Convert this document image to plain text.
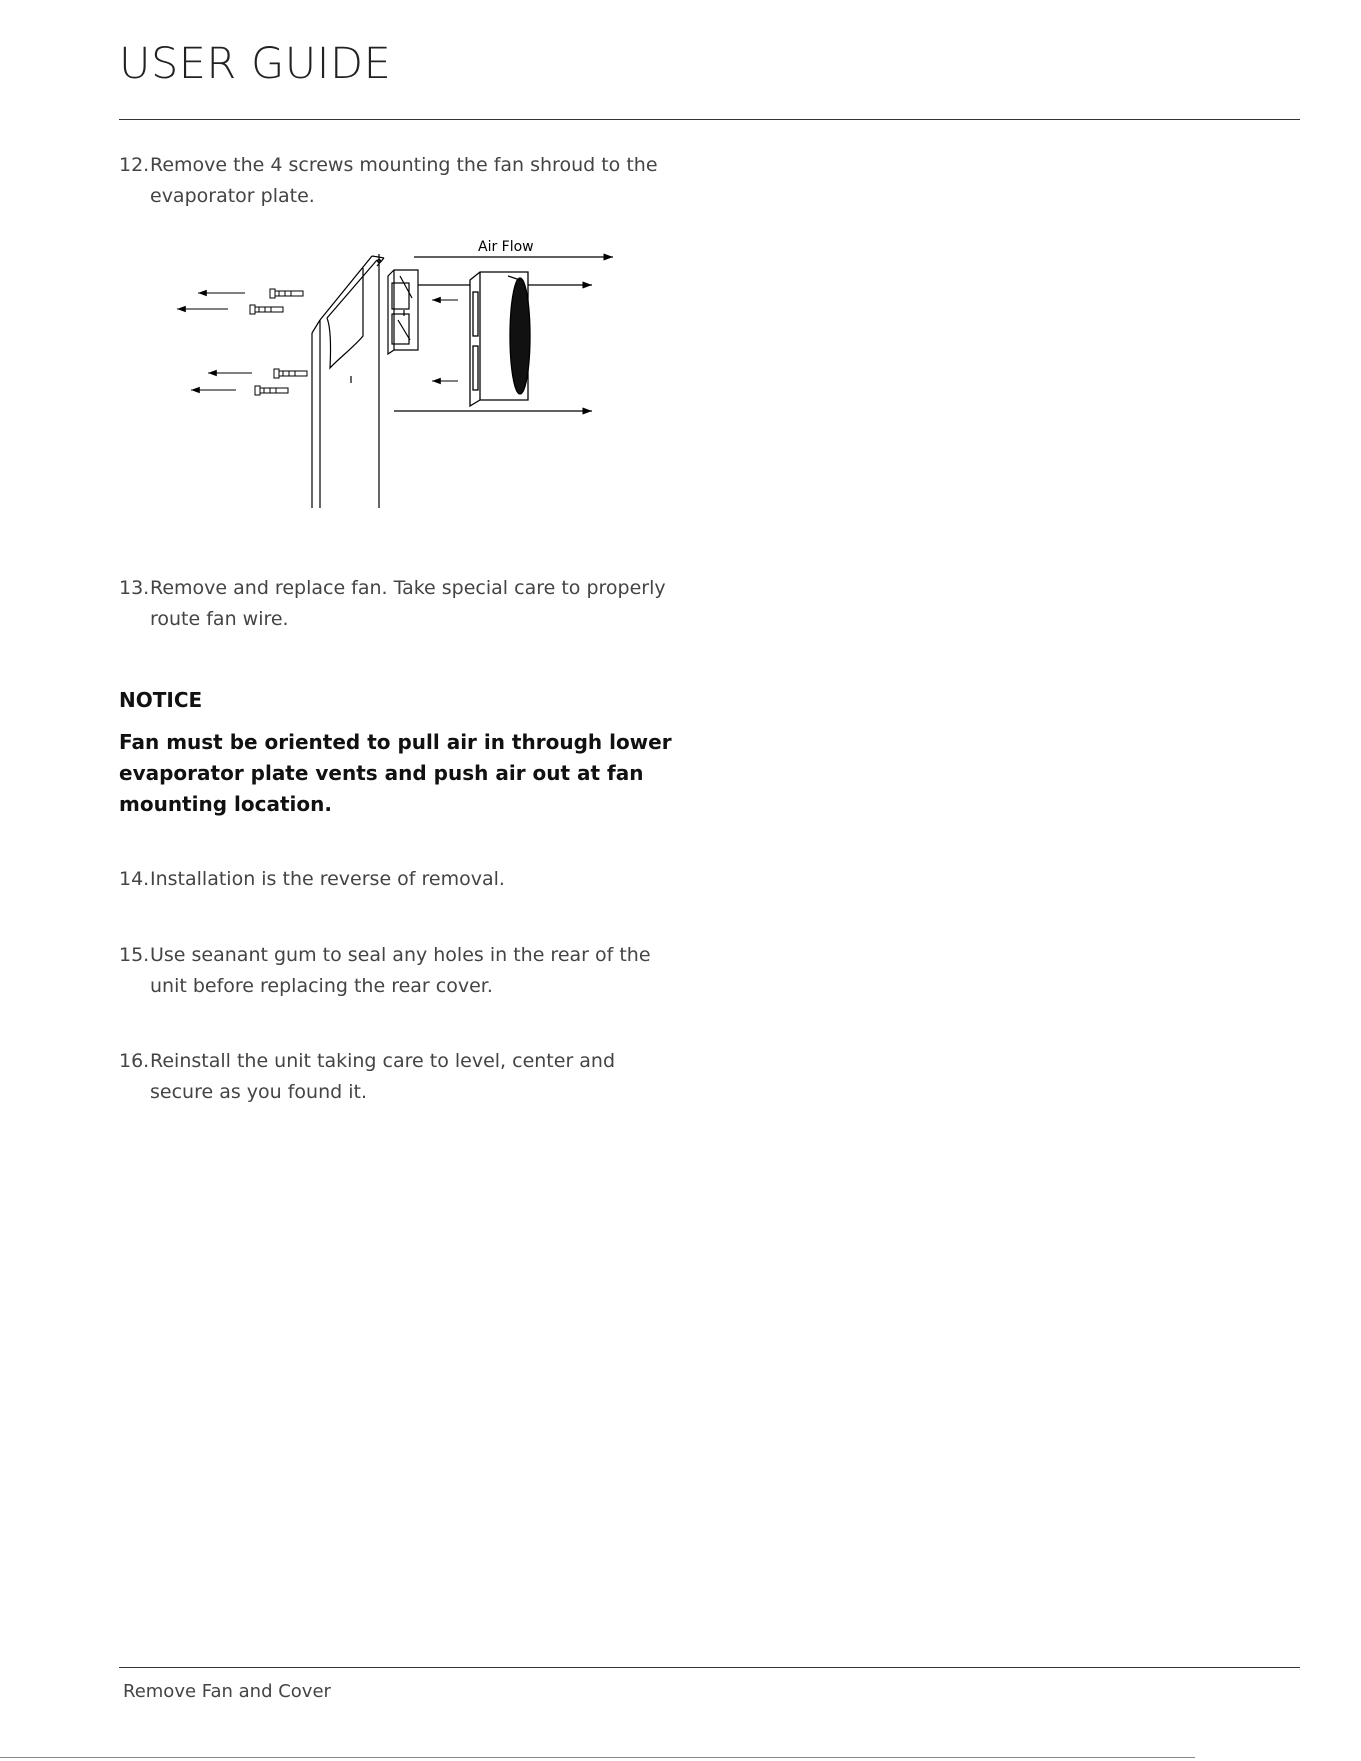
USER GUIDE
12. Remove the 4 screws mounting the fan shroud to the evaporator plate.
Air Flow
13. Remove and replace fan. Take special care to properly route fan wire.
NOTICE

Fan must be oriented to pull air in through lower evaporator plate vents and push air out at fan mounting location.

14. Installation is the reverse of removal.
15. Use seanant gum to seal any holes in the rear of the unit before replacing the rear cover.
16. Reinstall the unit taking care to level, center and secure as you found it.
Remove Fan and Cover
